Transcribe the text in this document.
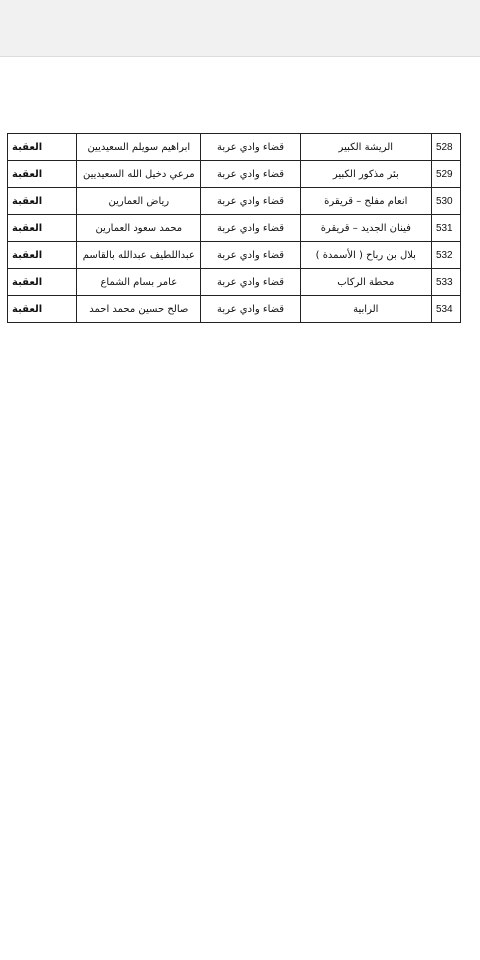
528	الريشة الكبير	قضاء وادي عربة	ابراهيم سويلم السعيديين	العقبة
529	بئر مذكور الكبير	قضاء وادي عربة	مرعي دخيل الله السعيديين	العقبة
530	انعام مفلح – قريقرة	قضاء وادي عربة	رياض العمارين	العقبة
531	فينان الجديد – قريقرة	قضاء وادي عربة	محمد سعود العمارين	العقبة
532	بلال بن رباح ( الأسمدة )	قضاء وادي عربة	عبداللطيف عبدالله بالقاسم	العقبة
533	محطة الركاب	قضاء وادي عربة	عامر بسام الشماع	العقبة
534	الرابية	قضاء وادي عربة	صالح حسين محمد احمد	العقبة
